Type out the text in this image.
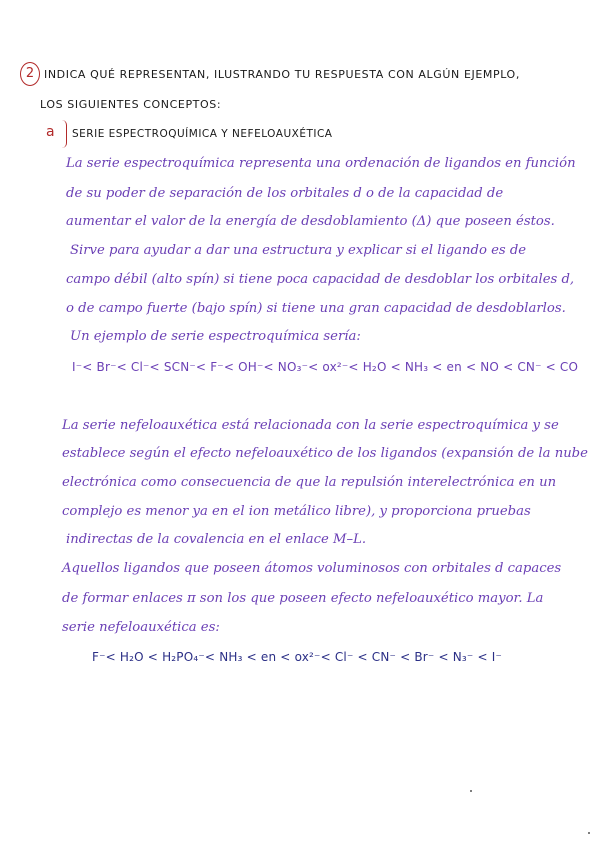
2 INDICA QUÉ REPRESENTAN, ILUSTRANDO TU RESPUESTA CON ALGÚN EJEMPLO,
LOS SIGUIENTES CONCEPTOS:
a SERIE ESPECTROQUÍMICA Y NEFELOAUXÉTICA
La serie espectroquímica representa una ordenación de ligandos en función
de su poder de separación de los orbitales d o de la capacidad de
aumentar el valor de la energía de desdoblamiento (Δ) que poseen éstos.
Sirve para ayudar a dar una estructura y explicar si el ligando es de
campo débil (alto spín) si tiene poca capacidad de desdoblar los orbitales d,
o de campo fuerte (bajo spín) si tiene una gran capacidad de desdoblarlos.
Un ejemplo de serie espectroquímica sería:
I⁻< Br⁻< Cl⁻< SCN⁻< F⁻< OH⁻< NO₃⁻< ox²⁻< H₂O < NH₃ < en < NO < CN⁻ < CO
La serie nefeloauxética está relacionada con la serie espectroquímica y se
establece según el efecto nefeloauxético de los ligandos (expansión de la nube
electrónica como consecuencia de que la repulsión interelectrónica en un
complejo es menor ya en el ion metálico libre), y proporciona pruebas
indirectas de la covalencia en el enlace M–L.
Aquellos ligandos que poseen átomos voluminosos con orbitales d capaces
de formar enlaces π son los que poseen efecto nefeloauxético mayor. La
serie nefeloauxética es:
F⁻< H₂O < H₂PO₄⁻< NH₃ < en < ox²⁻< Cl⁻ < CN⁻ < Br⁻ < N₃⁻ < I⁻
